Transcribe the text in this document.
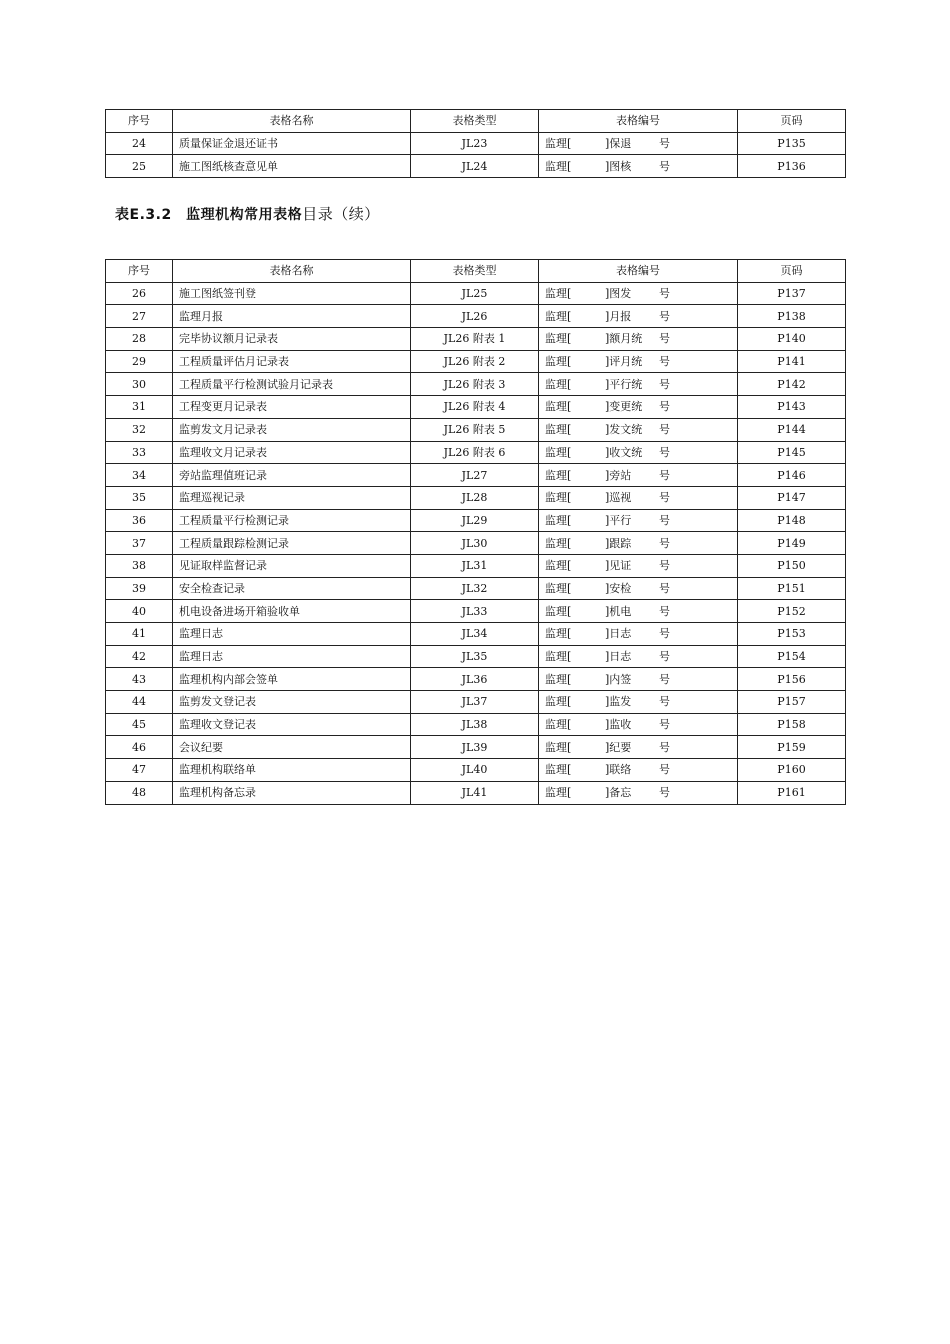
序号	表格名称	表格类型	表格编号	页码
24	质量保证金退还证书	JL23	监理[ ]保退 号	P135
25	施工图纸核查意见单	JL24	监理[ ]图核 号	P136
表E.3.2　监理机构常用表格目录（续）
序号	表格名称	表格类型	表格编号	页码
26	施工图纸签刊登	JL25	监理[ ]图发 号	P137
27	监理月报	JL26	监理[ ]月报 号	P138
28	完毕协议额月记录表	JL26 附表 1	监理[ ]额月统 号	P140
29	工程质量评估月记录表	JL26 附表 2	监理[ ]评月统 号	P141
30	工程质量平行检测试验月记录表	JL26 附表 3	监理[ ]平行统 号	P142
31	工程变更月记录表	JL26 附表 4	监理[ ]变更统 号	P143
32	监剪发文月记录表	JL26 附表 5	监理[ ]发文统 号	P144
33	监理收文月记录表	JL26 附表 6	监理[ ]收文统 号	P145
34	旁站监理值班记录	JL27	监理[ ]旁站 号	P146
35	监理巡视记录	JL28	监理[ ]巡视 号	P147
36	工程质量平行检测记录	JL29	监理[ ]平行 号	P148
37	工程质量跟踪检测记录	JL30	监理[ ]跟踪 号	P149
38	见证取样监督记录	JL31	监理[ ]见证 号	P150
39	安全检查记录	JL32	监理[ ]安检 号	P151
40	机电设备进场开箱验收单	JL33	监理[ ]机电 号	P152
41	监理日志	JL34	监理[ ]日志 号	P153
42	监理日志	JL35	监理[ ]日志 号	P154
43	监理机构内部会签单	JL36	监理[ ]内签 号	P156
44	监剪发文登记表	JL37	监理[ ]监发 号	P157
45	监理收文登记表	JL38	监理[ ]监收 号	P158
46	会议纪要	JL39	监理[ ]纪要 号	P159
47	监理机构联络单	JL40	监理[ ]联络 号	P160
48	监理机构备忘录	JL41	监理[ ]备忘 号	P161
